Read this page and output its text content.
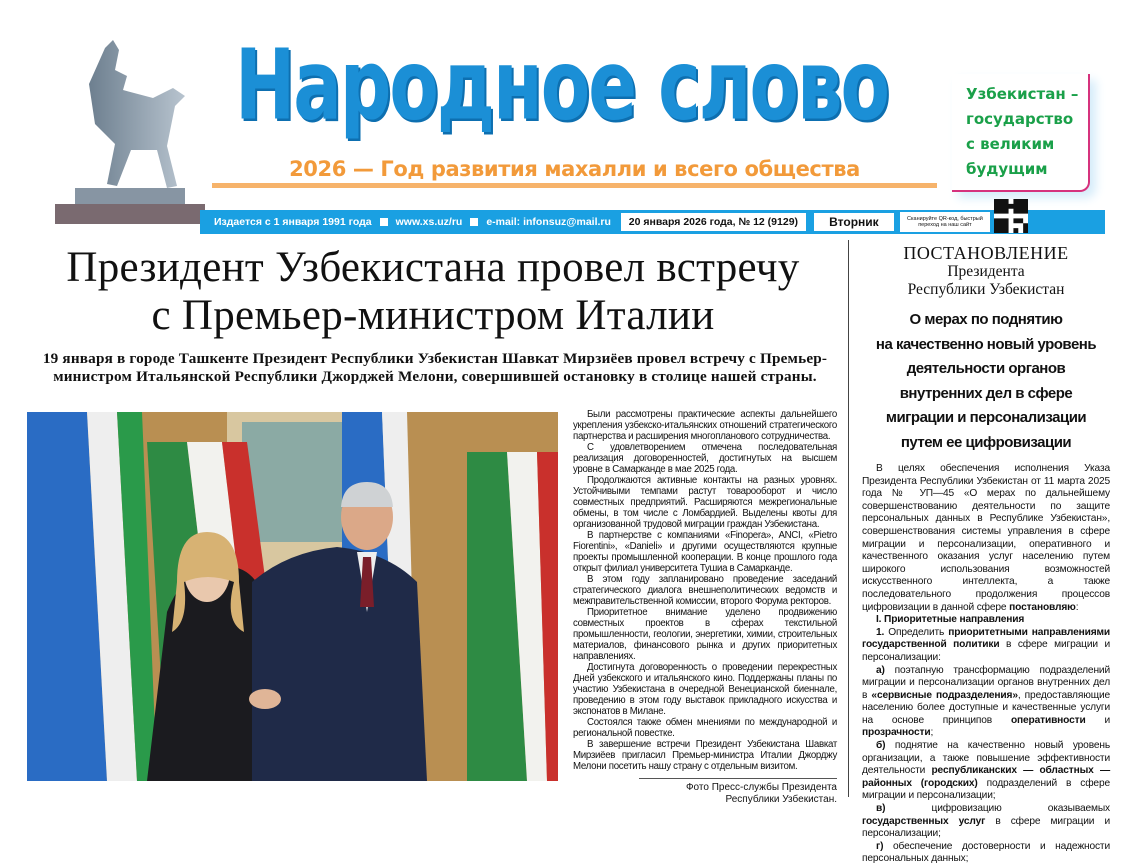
Народное слово
2026 — Год развития махалли и всего общества
Узбекистан –
государство
с великим
будущим
Издается с 1 января 1991 года www.xs.uz/ru e-mail: infonsuz@mail.ru	20 января 2026 года, № 12 (9129)	Вторник	Сканируйте QR-код, быстрый переход на наш сайт
Президент Узбекистана провел встречу
с Премьер-министром Италии
19 января в городе Ташкенте Президент Республики Узбекистан Шавкат Мирзиёев провел встречу с Премьер-министром Итальянской Республики Джорджей Мелони, совершившей остановку в столице нашей страны.

Были рассмотрены практические аспекты дальнейшего укрепления узбекско-итальянских отношений стратегического партнерства и расширения многопланового сотрудничества.

С удовлетворением отмечена последовательная реализация договоренностей, достигнутых на высшем уровне в Самарканде в мае 2025 года.

Продолжаются активные контакты на разных уровнях. Устойчивыми темпами растут товарооборот и число совместных предприятий. Расширяются межрегиональные обмены, в том числе с Ломбардией. Выделены квоты для организованной трудовой миграции граждан Узбекистана.

В партнерстве с компаниями «Finopera», ANCI, «Pietro Fiorentini», «Danieli» и другими осуществляются крупные проекты промышленной кооперации. В конце прошлого года открыт филиал университета Тушиа в Самарканде.

В этом году запланировано проведение заседаний стратегического диалога внешнеполитических ведомств и межправительственной комиссии, второго Форума ректоров.

Приоритетное внимание уделено продвижению совместных проектов в сферах текстильной промышленности, геологии, энергетики, химии, строительных материалов, финансового рынка и других приоритетных направлениях.

Достигнута договоренность о проведении перекрестных Дней узбекского и итальянского кино. Поддержаны планы по участию Узбекистана в очередной Венецианской биеннале, проведению в этом году выставок прикладного искусства и экспонатов в Милане.

Состоялся также обмен мнениями по международной и региональной повестке.

В завершение встречи Президент Узбекистана Шавкат Мирзиёев пригласил Премьер-министра Италии Джорджу Мелони посетить нашу страну с отдельным визитом.

Фото Пресс-службы Президента
Республики Узбекистан.
ПОСТАНОВЛЕНИЕ
Президента
Республики Узбекистан
О мерах по поднятию
на качественно новый уровень
деятельности органов
внутренних дел в сфере
миграции и персонализации
путем ее цифровизации

В целях обеспечения исполнения Указа Президента Республики Узбекистан от 11 марта 2025 года № УП—45 «О мерах по дальнейшему совершенствованию деятельности по защите персональных данных в Республике Узбекистан», совершенствования системы управления в сфере миграции и персонализации, оперативного и качественного оказания услуг населению путем широкого использования возможностей искусственного интеллекта, а также последовательного продолжения процессов цифровизации в данной сфере постановляю:

I. Приоритетные направления

1. Определить приоритетными направлениями государственной политики в сфере миграции и персонализации:

а) поэтапную трансформацию подразделений миграции и персонализации органов внутренних дел в «сервисные подразделения», предоставляющие населению более доступные и качественные услуги на основе принципов оперативности и прозрачности;

б) поднятие на качественно новый уровень организации, а также повышение эффективности деятельности республиканских — областных — районных (городских) подразделений в сфере миграции и персонализации;

в)	цифровизацию оказываемых государственных услуг в сфере миграции и персонализации;

г) обеспечение достоверности и надежности персональных данных;
